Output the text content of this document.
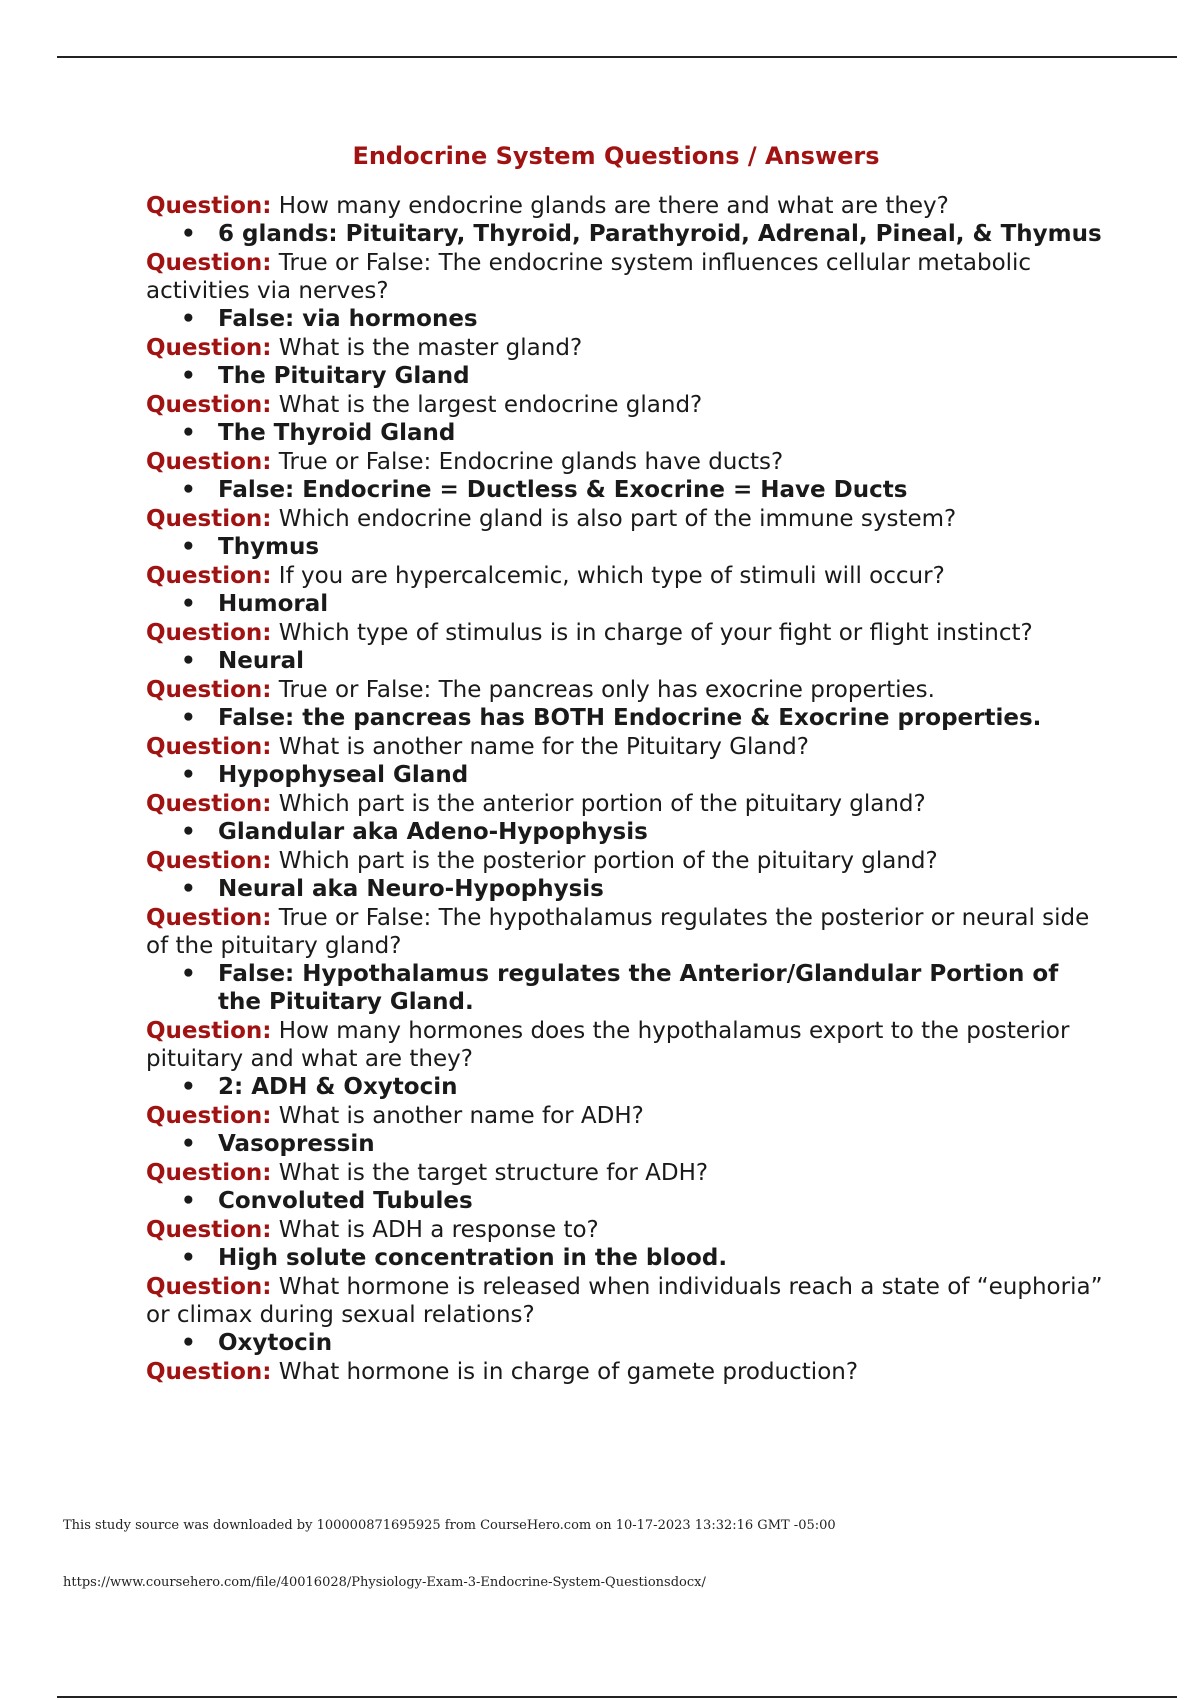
Endocrine System Questions / Answers

Question: How many endocrine glands are there and what are they?

• 6 glands: Pituitary, Thyroid, Parathyroid, Adrenal, Pineal, & Thymus

Question: True or False: The endocrine system influences cellular metabolic activities via nerves?

• False: via hormones

Question: What is the master gland?

• The Pituitary Gland

Question: What is the largest endocrine gland?

• The Thyroid Gland

Question: True or False: Endocrine glands have ducts?

• False: Endocrine = Ductless & Exocrine = Have Ducts

Question: Which endocrine gland is also part of the immune system?

• Thymus

Question: If you are hypercalcemic, which type of stimuli will occur?

• Humoral

Question: Which type of stimulus is in charge of your fight or flight instinct?

• Neural

Question: True or False: The pancreas only has exocrine properties.

• False: the pancreas has BOTH Endocrine & Exocrine properties.

Question: What is another name for the Pituitary Gland?

• Hypophyseal Gland

Question: Which part is the anterior portion of the pituitary gland?

• Glandular aka Adeno-Hypophysis

Question: Which part is the posterior portion of the pituitary gland?

• Neural aka Neuro-Hypophysis

Question: True or False: The hypothalamus regulates the posterior or neural side of the pituitary gland?

• False: Hypothalamus regulates the Anterior/Glandular Portion of the Pituitary Gland.

Question: How many hormones does the hypothalamus export to the posterior pituitary and what are they?

• 2: ADH & Oxytocin

Question: What is another name for ADH?

• Vasopressin

Question: What is the target structure for ADH?

• Convoluted Tubules

Question: What is ADH a response to?

• High solute concentration in the blood.

Question: What hormone is released when individuals reach a state of “euphoria” or climax during sexual relations?

• Oxytocin

Question: What hormone is in charge of gamete production?

This study source was downloaded by 100000871695925 from CourseHero.com on 10-17-2023 13:32:16 GMT -05:00
https://www.coursehero.com/file/40016028/Physiology-Exam-3-Endocrine-System-Questionsdocx/
